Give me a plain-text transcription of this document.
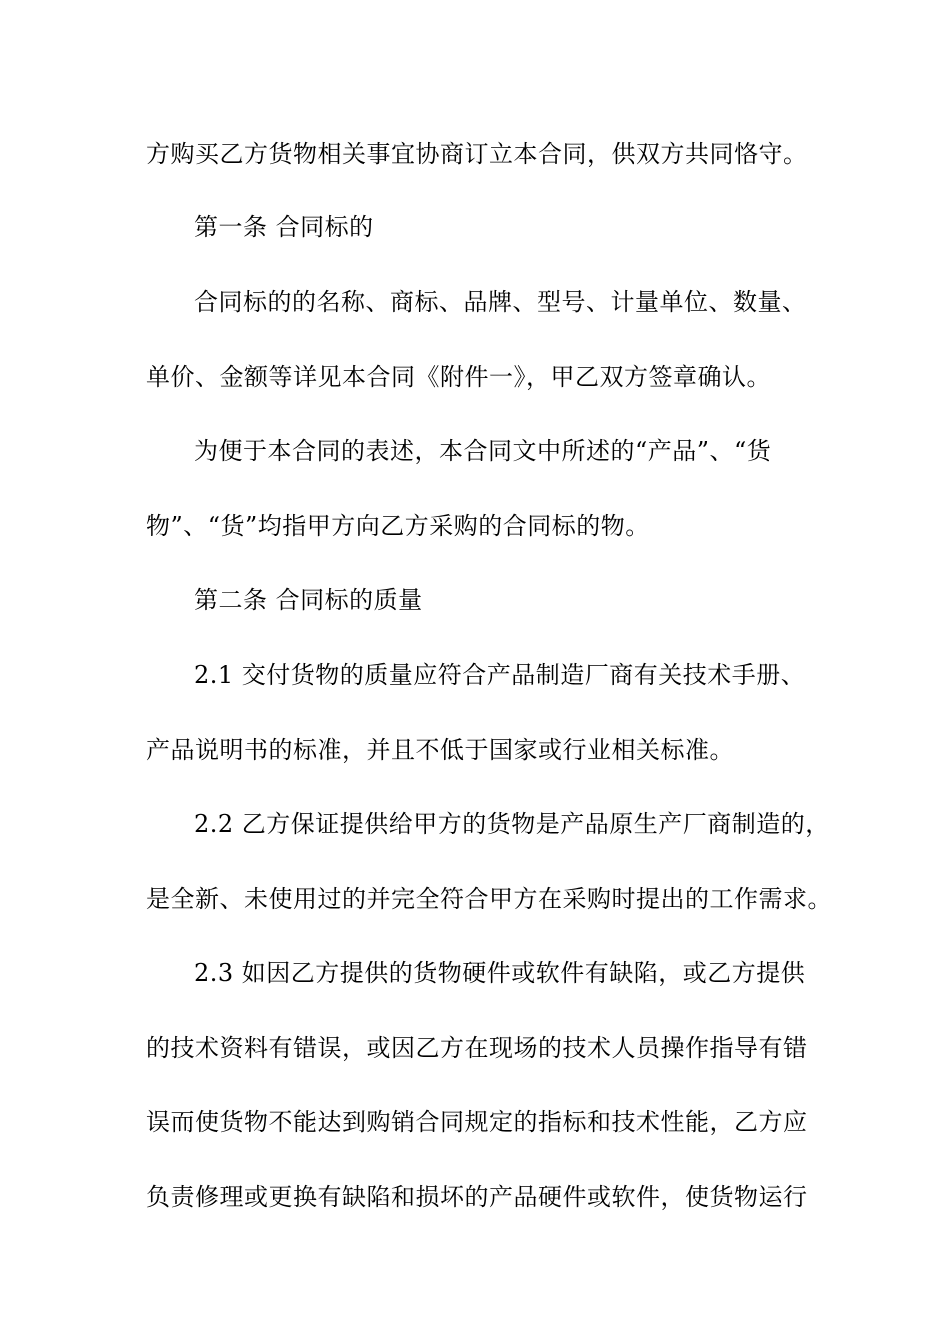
方购买乙方货物相关事宜协商订立本合同，供双方共同恪守。
第一条 合同标的
合同标的的名称、商标、品牌、型号、计量单位、数量、
单价、金额等详见本合同《附件一》，甲乙双方签章确认。
为便于本合同的表述，本合同文中所述的“产品”、“货
物”、“货”均指甲方向乙方采购的合同标的物。
第二条 合同标的质量
2.1 交付货物的质量应符合产品制造厂商有关技术手册、
产品说明书的标准，并且不低于国家或行业相关标准。
2.2 乙方保证提供给甲方的货物是产品原生产厂商制造的，
是全新、未使用过的并完全符合甲方在采购时提出的工作需求。
2.3 如因乙方提供的货物硬件或软件有缺陷，或乙方提供
的技术资料有错误，或因乙方在现场的技术人员操作指导有错
误而使货物不能达到购销合同规定的指标和技术性能，乙方应
负责修理或更换有缺陷和损坏的产品硬件或软件，使货物运行
